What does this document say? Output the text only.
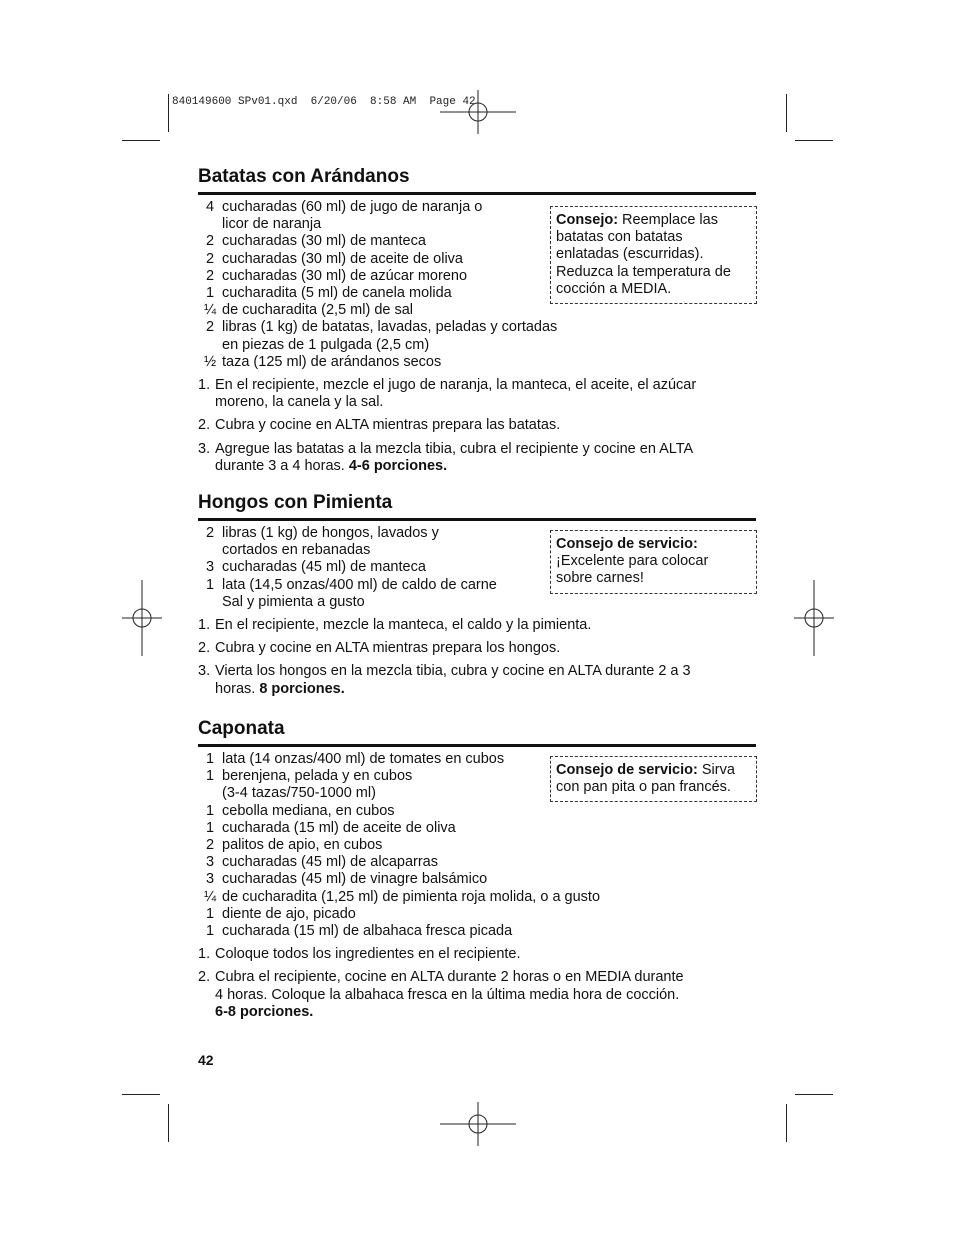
840149600 SPv01.qxd  6/20/06  8:58 AM  Page 42
Batatas con Arándanos
4 cucharadas (60 ml) de jugo de naranja o
licor de naranja
2 cucharadas (30 ml) de manteca
2 cucharadas (30 ml) de aceite de oliva
2 cucharadas (30 ml) de azúcar moreno
1 cucharadita (5 ml) de canela molida
¼ de cucharadita (2,5 ml) de sal
2 libras (1 kg) de batatas, lavadas, peladas y cortadas
en piezas de 1 pulgada (2,5 cm)
½ taza (125 ml) de arándanos secos
1. En el recipiente, mezcle el jugo de naranja, la manteca, el aceite, el azúcar
moreno, la canela y la sal.
2. Cubra y cocine en ALTA mientras prepara las batatas.
3. Agregue las batatas a la mezcla tibia, cubra el recipiente y cocine en ALTA
durante 3 a 4 horas. 4-6 porciones.
Consejo: Reemplace las
batatas con batatas
enlatadas (escurridas).
Reduzca la temperatura de
cocción a MEDIA.
Hongos con Pimienta
2 libras (1 kg) de hongos, lavados y
cortados en rebanadas
3 cucharadas (45 ml) de manteca
1 lata (14,5 onzas/400 ml) de caldo de carne
Sal y pimienta a gusto
1. En el recipiente, mezcle la manteca, el caldo y la pimienta.
2. Cubra y cocine en ALTA mientras prepara los hongos.
3. Vierta los hongos en la mezcla tibia, cubra y cocine en ALTA durante 2 a 3
horas. 8 porciones.
Consejo de servicio:
¡Excelente para colocar
sobre carnes!
Caponata
1 lata (14 onzas/400 ml) de tomates en cubos
1 berenjena, pelada y en cubos
(3-4 tazas/750-1000 ml)
1 cebolla mediana, en cubos
1 cucharada (15 ml) de aceite de oliva
2 palitos de apio, en cubos
3 cucharadas (45 ml) de alcaparras
3 cucharadas (45 ml) de vinagre balsámico
¼ de cucharadita (1,25 ml) de pimienta roja molida, o a gusto
1 diente de ajo, picado
1 cucharada (15 ml) de albahaca fresca picada
1. Coloque todos los ingredientes en el recipiente.
2. Cubra el recipiente, cocine en ALTA durante 2 horas o en MEDIA durante
4 horas. Coloque la albahaca fresca en la última media hora de cocción.
6-8 porciones.
Consejo de servicio: Sirva
con pan pita o pan francés.
42
